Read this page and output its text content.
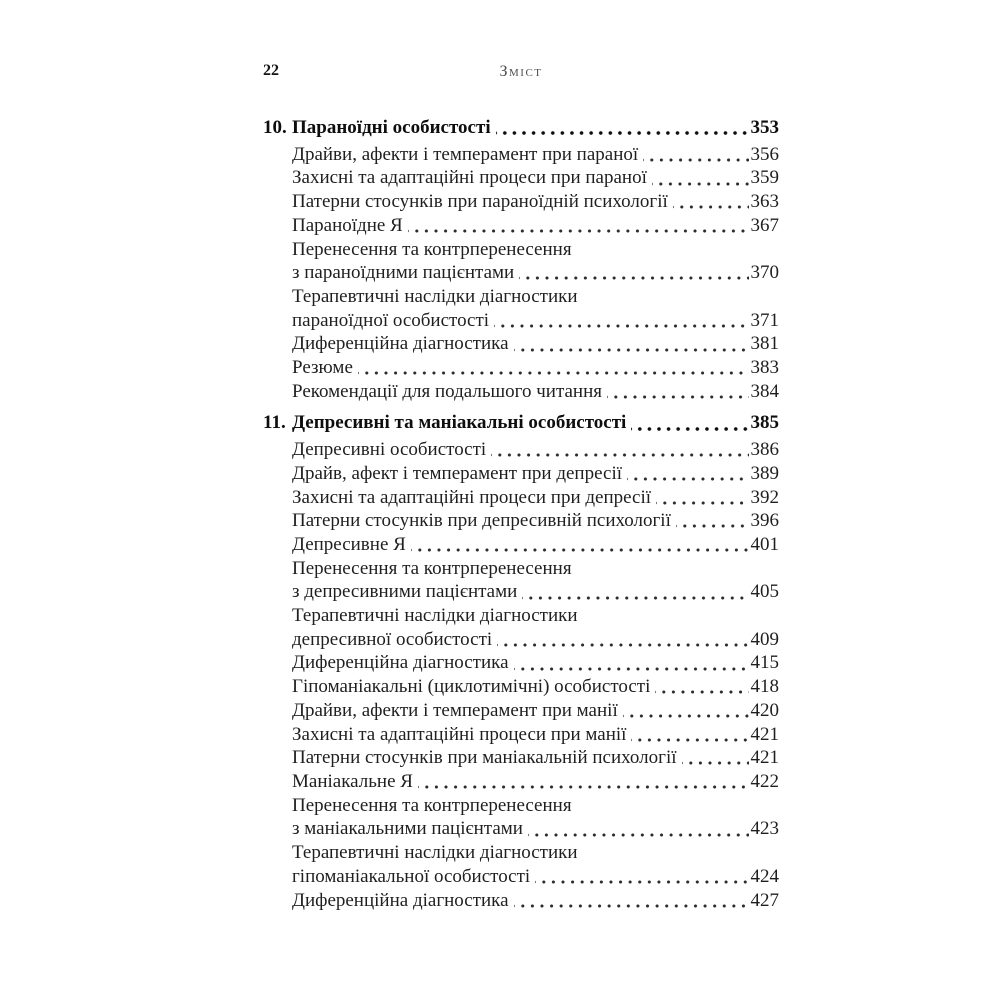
22	Зміст
10. Параноїдні особистості	353
Драйви, афекти і темперамент при параної	356
Захисні та адаптаційні процеси при параної	359
Патерни стосунків при параноїдній психології	363
Параноїдне Я	367
Перенесення та контрперенесення
з параноїдними пацієнтами	370
Терапевтичні наслідки діагностики
параноїдної особистості	371
Диференційна діагностика	381
Резюме	383
Рекомендації для подальшого читання	384
11. Депресивні та маніакальні особистості	385
Депресивні особистості	386
Драйв, афект і темперамент при депресії	389
Захисні та адаптаційні процеси при депресії	392
Патерни стосунків при депресивній психології	396
Депресивне Я	401
Перенесення та контрперенесення
з депресивними пацієнтами	405
Терапевтичні наслідки діагностики
депресивної особистості	409
Диференційна діагностика	415
Гіпоманіакальні (циклотимічні) особистості	418
Драйви, афекти і темперамент при манії	420
Захисні та адаптаційні процеси при манії	421
Патерни стосунків при маніакальній психології	421
Маніакальне Я	422
Перенесення та контрперенесення
з маніакальними пацієнтами	423
Терапевтичні наслідки діагностики
гіпоманіакальної особистості	424
Диференційна діагностика	427
